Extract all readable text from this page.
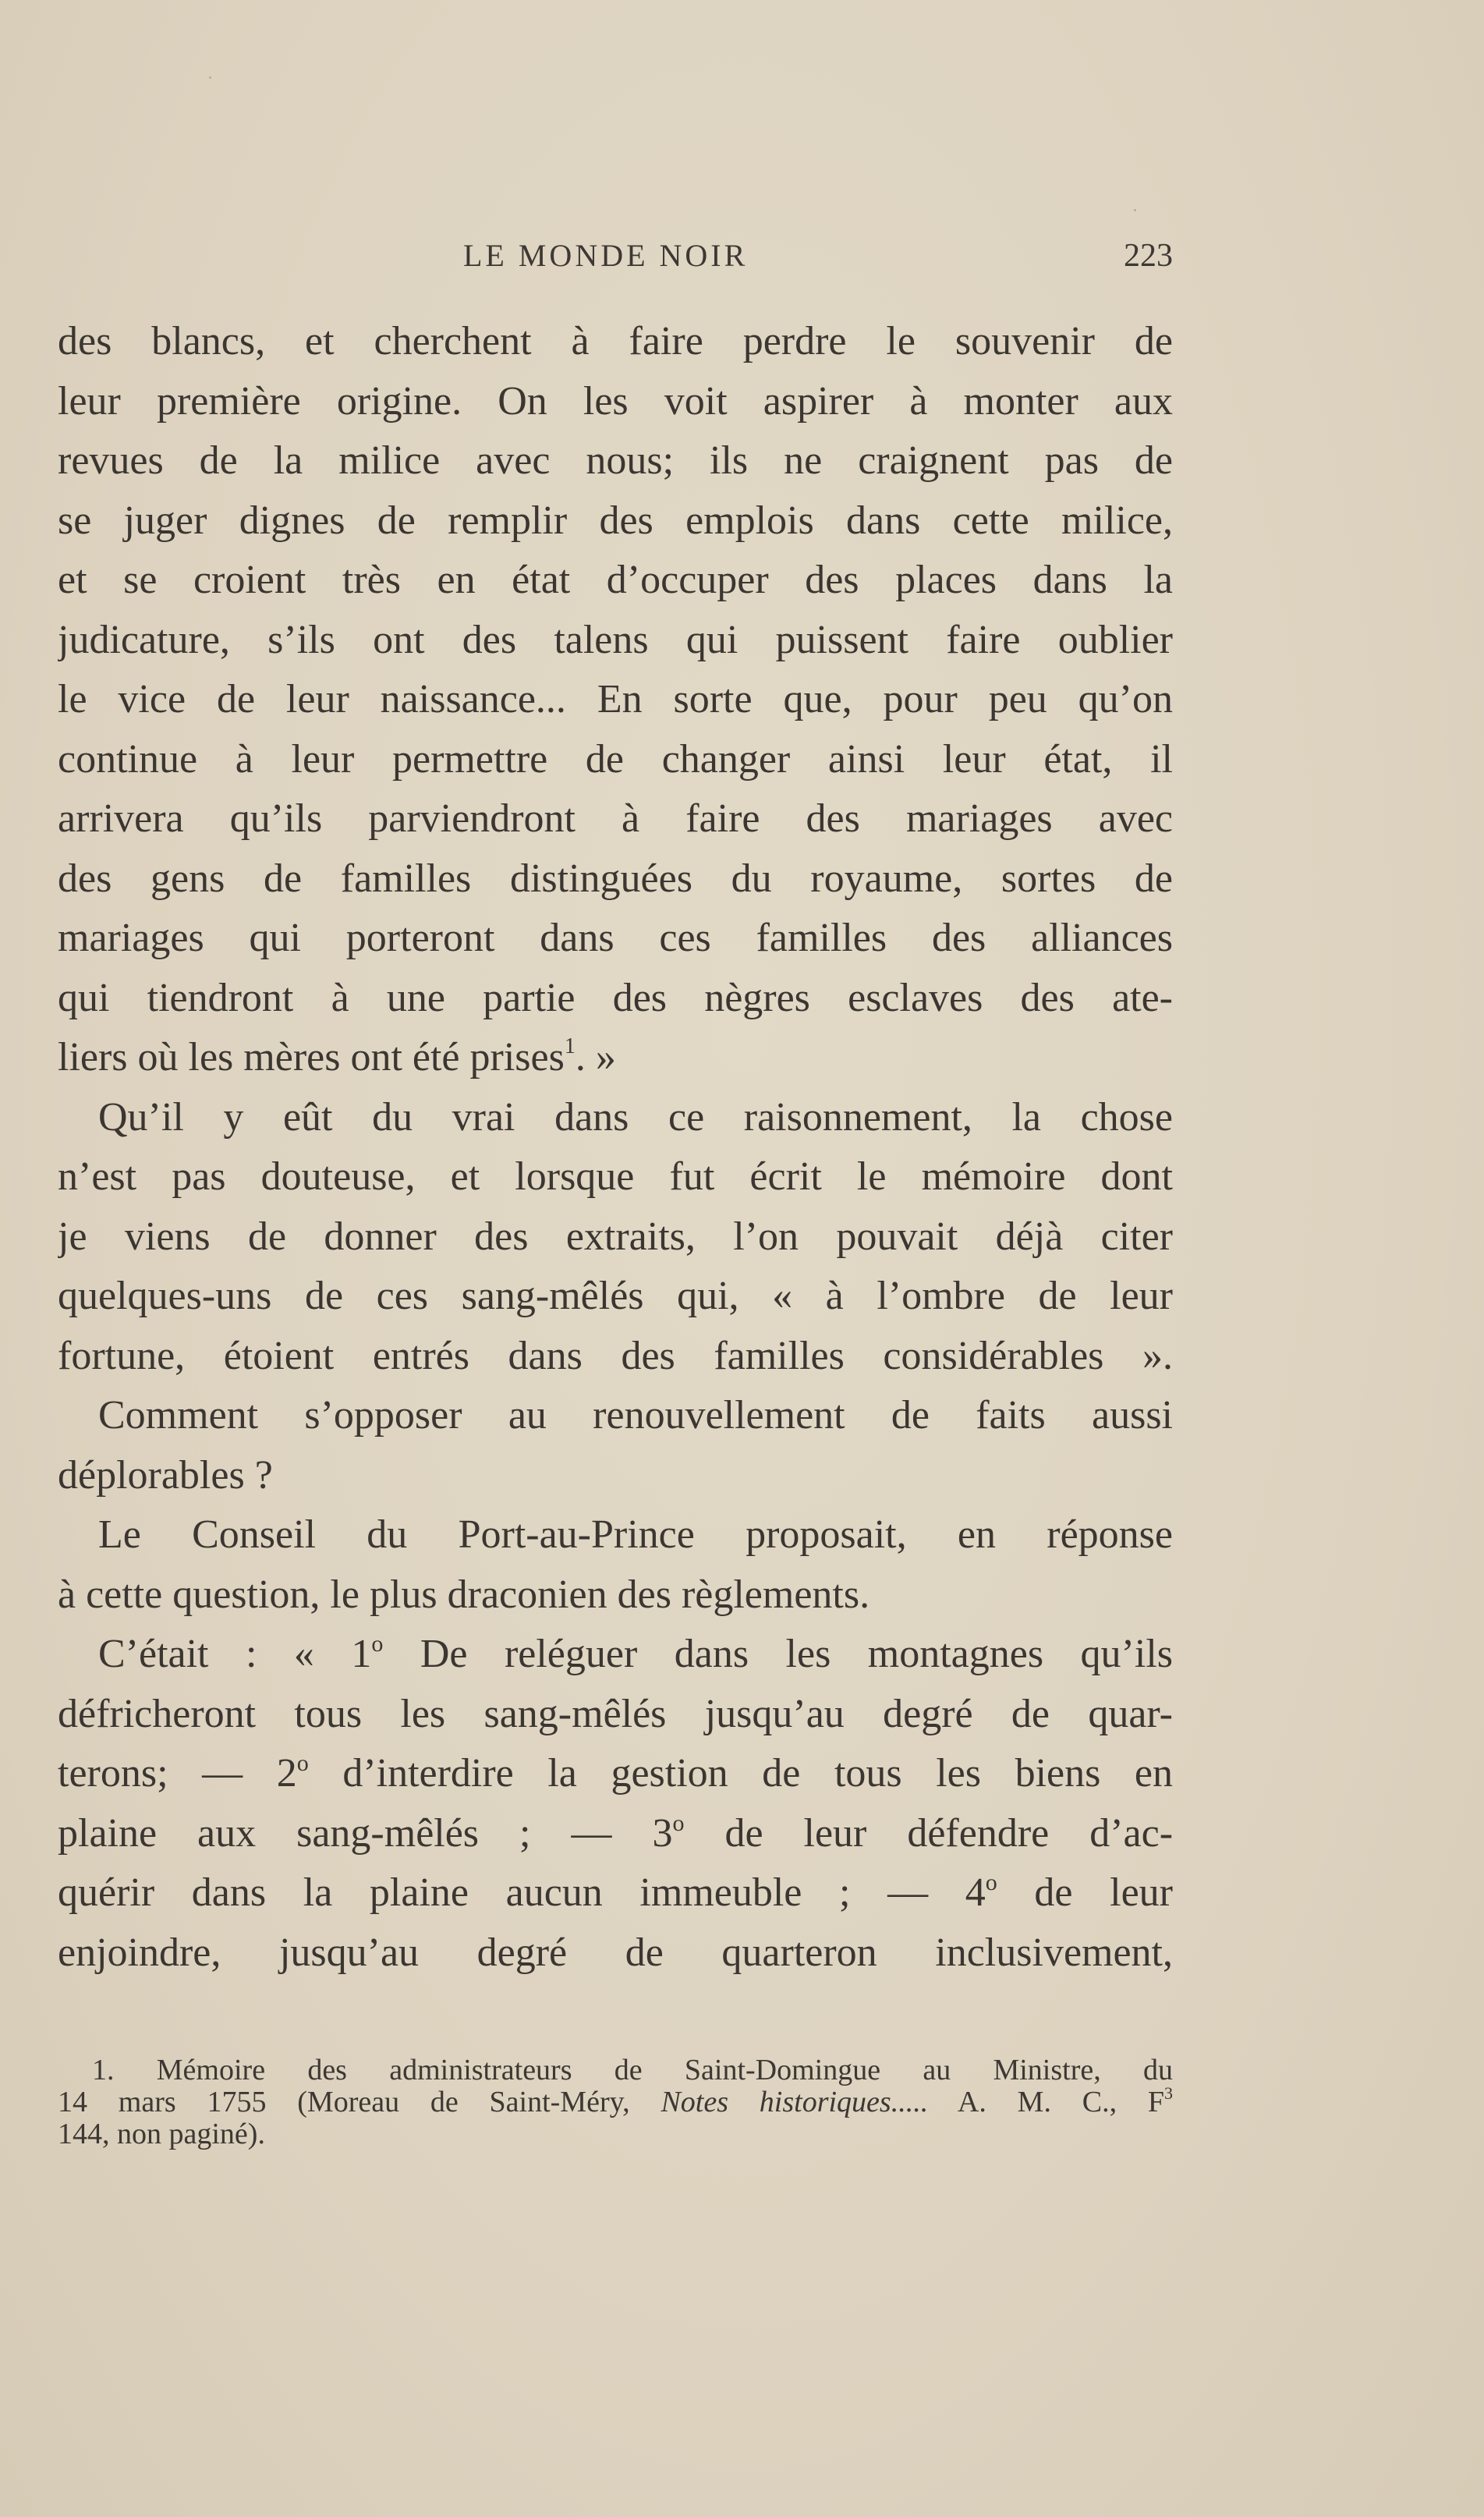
LE MONDE NOIR	223
des blancs, et cherchent à faire perdre le souvenir de
leur première origine. On les voit aspirer à monter aux
revues de la milice avec nous; ils ne craignent pas de
se juger dignes de remplir des emplois dans cette milice,
et se croient très en état d’occuper des places dans la
judicature, s’ils ont des talens qui puissent faire oublier
le vice de leur naissance... En sorte que, pour peu qu’on
continue à leur permettre de changer ainsi leur état, il
arrivera qu’ils parviendront à faire des mariages avec
des gens de familles distinguées du royaume, sortes de
mariages qui porteront dans ces familles des alliances
qui tiendront à une partie des nègres esclaves des ate-
liers où les mères ont été prises$^1$. »
Qu’il y eût du vrai dans ce raisonnement, la chose
n’est pas douteuse, et lorsque fut écrit le mémoire dont
je viens de donner des extraits, l’on pouvait déjà citer
quelques-uns de ces sang-mêlés qui, « à l’ombre de leur
fortune, étoient entrés dans des familles considérables ».
Comment s’opposer au renouvellement de faits aussi
déplorables ?
Le Conseil du Port-au-Prince proposait, en réponse
à cette question, le plus draconien des règlements.
C’était : « 1$^o$ De reléguer dans les montagnes qu’ils
défricheront tous les sang-mêlés jusqu’au degré de quar-
terons; — 2$^o$ d’interdire la gestion de tous les biens en
plaine aux sang-mêlés ; — 3$^o$ de leur défendre d’ac-
quérir dans la plaine aucun immeuble ; — 4$^o$ de leur
enjoindre, jusqu’au degré de quarteron inclusivement,
1. Mémoire des administrateurs de Saint-Domingue au Ministre, du
14 mars 1755 (Moreau de Saint-Méry, Notes historiques..... A. M. C., F$^3$
144, non paginé).
